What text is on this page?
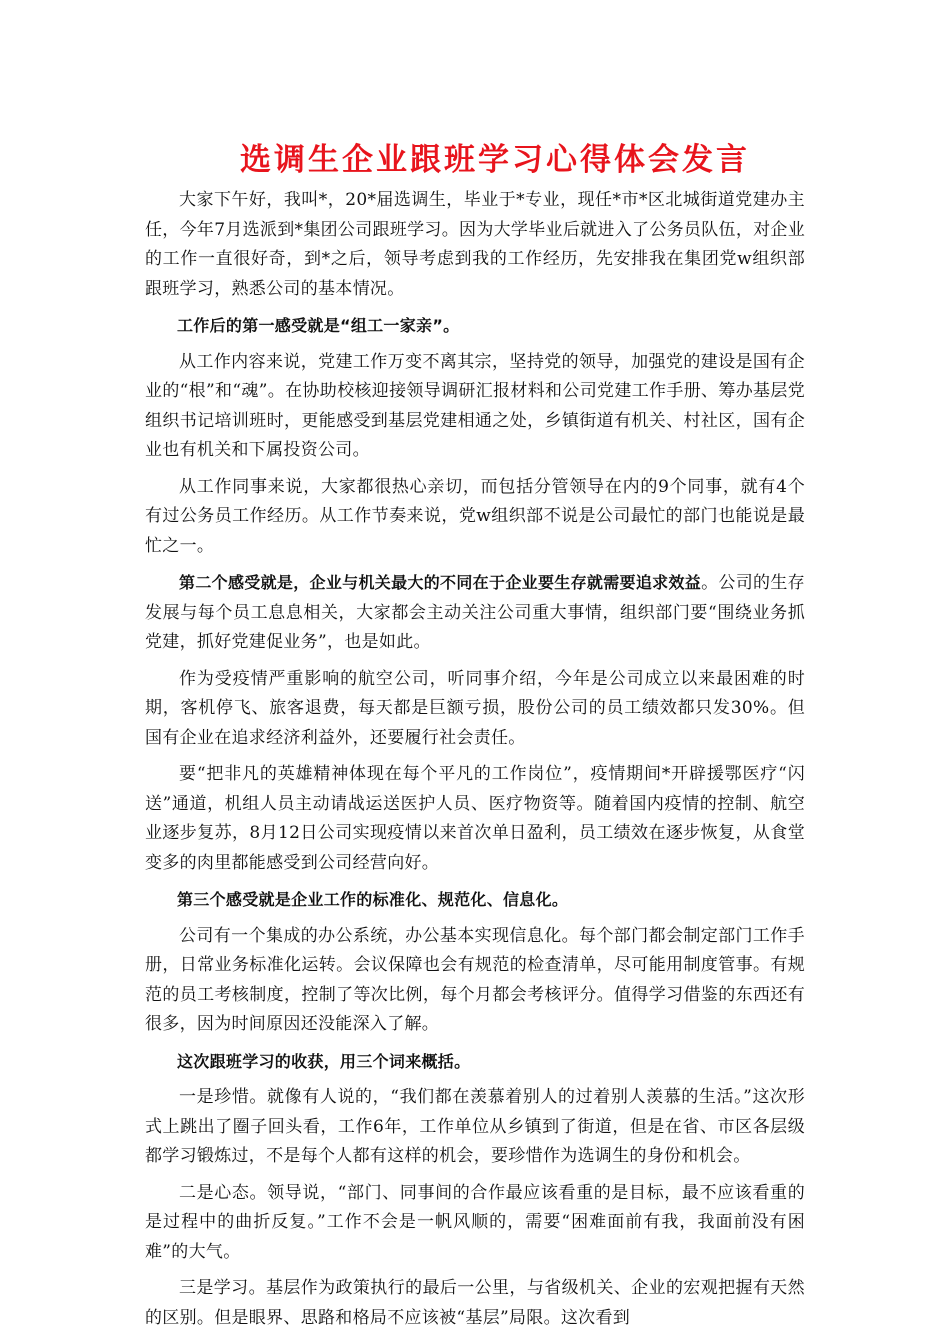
选调生企业跟班学习心得体会发言

大家下午好，我叫*，20*届选调生，毕业于*专业，现任*市*区北城街道党建办主任，今年7月选派到*集团公司跟班学习。因为大学毕业后就进入了公务员队伍，对企业的工作一直很好奇，到*之后，领导考虑到我的工作经历，先安排我在集团党w组织部跟班学习，熟悉公司的基本情况。

工作后的第一感受就是“组工一家亲”。

从工作内容来说，党建工作万变不离其宗，坚持党的领导，加强党的建设是国有企业的“根”和“魂”。在协助校核迎接领导调研汇报材料和公司党建工作手册、筹办基层党组织书记培训班时，更能感受到基层党建相通之处，乡镇街道有机关、村社区，国有企业也有机关和下属投资公司。

从工作同事来说，大家都很热心亲切，而包括分管领导在内的9个同事，就有4个有过公务员工作经历。从工作节奏来说，党w组织部不说是公司最忙的部门也能说是最忙之一。

第二个感受就是，企业与机关最大的不同在于企业要生存就需要追求效益。公司的生存发展与每个员工息息相关，大家都会主动关注公司重大事情，组织部门要“围绕业务抓党建，抓好党建促业务”，也是如此。

作为受疫情严重影响的航空公司，听同事介绍，今年是公司成立以来最困难的时期，客机停飞、旅客退费，每天都是巨额亏损，股份公司的员工绩效都只发30%。但国有企业在追求经济利益外，还要履行社会责任。

要“把非凡的英雄精神体现在每个平凡的工作岗位”，疫情期间*开辟援鄂医疗“闪送”通道，机组人员主动请战运送医护人员、医疗物资等。随着国内疫情的控制、航空业逐步复苏，8月12日公司实现疫情以来首次单日盈利，员工绩效在逐步恢复，从食堂变多的肉里都能感受到公司经营向好。

第三个感受就是企业工作的标准化、规范化、信息化。

公司有一个集成的办公系统，办公基本实现信息化。每个部门都会制定部门工作手册，日常业务标准化运转。会议保障也会有规范的检查清单，尽可能用制度管事。有规范的员工考核制度，控制了等次比例，每个月都会考核评分。值得学习借鉴的东西还有很多，因为时间原因还没能深入了解。

这次跟班学习的收获，用三个词来概括。

一是珍惜。就像有人说的，“我们都在羡慕着别人的过着别人羡慕的生活。”这次形式上跳出了圈子回头看，工作6年，工作单位从乡镇到了街道，但是在省、市区各层级都学习锻炼过，不是每个人都有这样的机会，要珍惜作为选调生的身份和机会。

二是心态。领导说，“部门、同事间的合作最应该看重的是目标，最不应该看重的是过程中的曲折反复。”工作不会是一帆风顺的，需要“困难面前有我，我面前没有困难”的大气。

三是学习。基层作为政策执行的最后一公里，与省级机关、企业的宏观把握有天然的区别。但是眼界、思路和格局不应该被“基层”局限。这次看到
